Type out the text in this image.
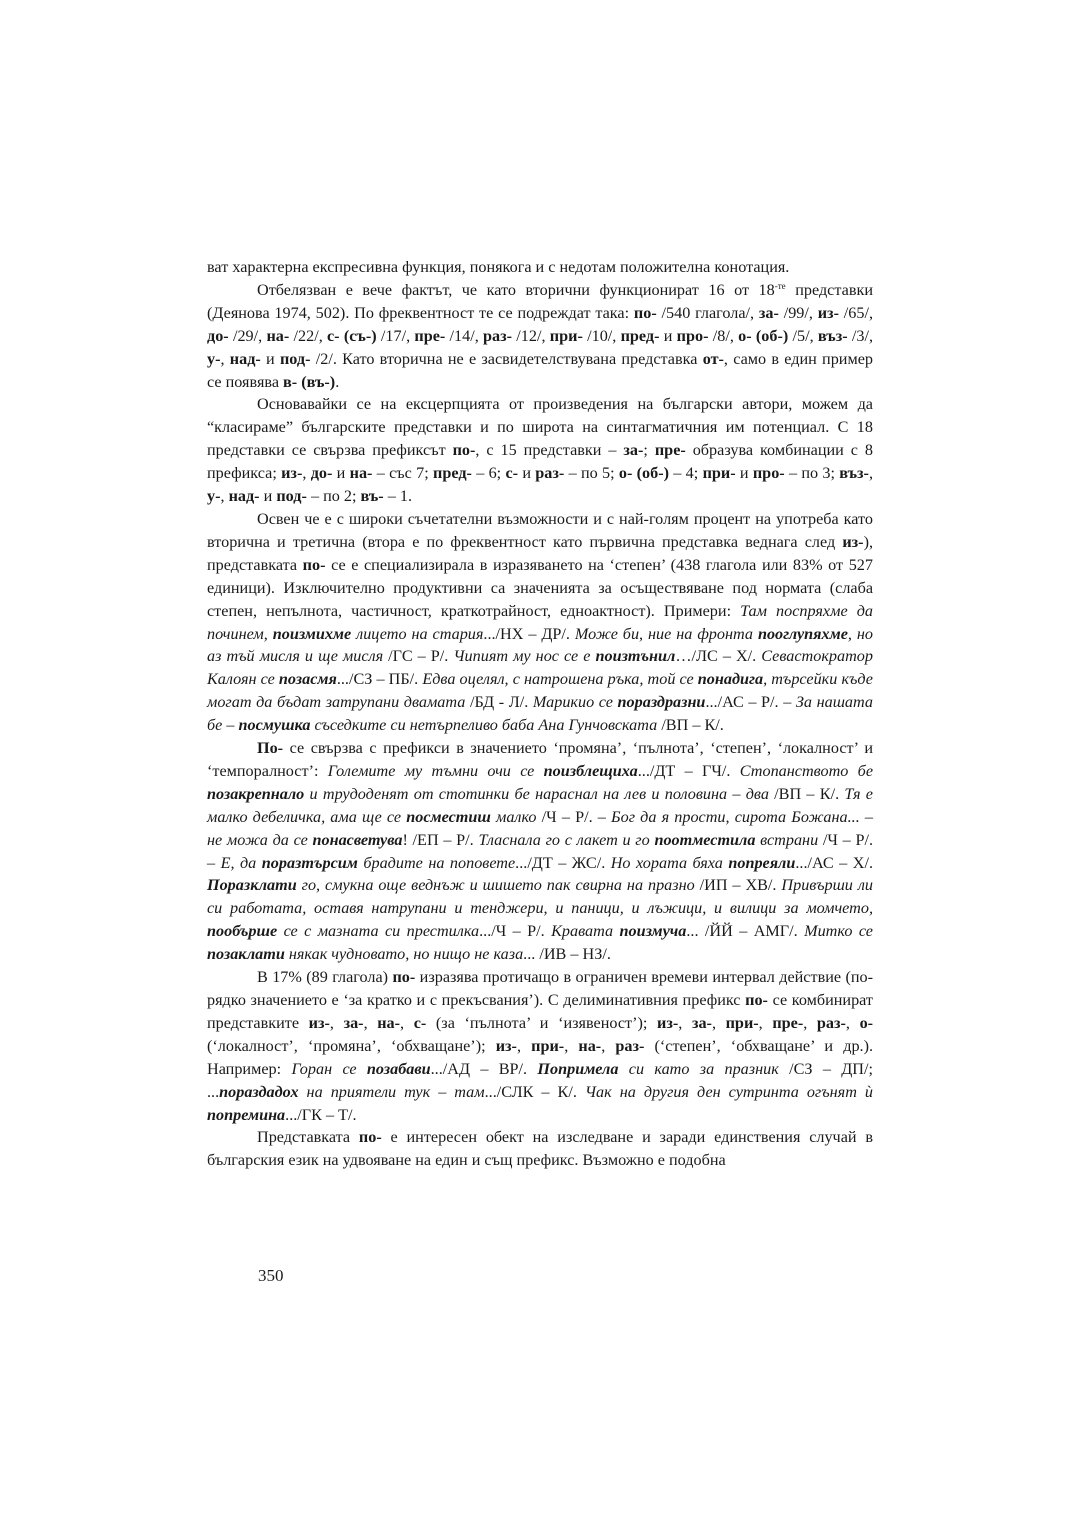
ват характерна експресивна функция, понякога и с недотам положителна конотация.

Отбелязван е вече фактът, че като вторични функционират 16 от $18^{-те}$ представки (Деянова 1974, 502). По фреквентност те се подреждат така: по- /540 глагола/, за- /99/, из- /65/, до- /29/, на- /22/, с- (съ-) /17/, пре- /14/, раз- /12/, при- /10/, пред- и про- /8/, о- (об-) /5/, въз- /3/, у-, над- и под- /2/. Като вторична не е засвидетелствувана представка от-, само в един пример се появява в- (въ-).

Основавайки се на ексцерпцията от произведения на български автори, можем да “класираме” българските представки и по широта на синтагматичния им потенциал. С 18 представки се свързва префиксът по-, с 15 представки – за-; пре- образува комбинации с 8 префикса; из-, до- и на- – със 7; пред- – 6; с- и раз- – по 5; о- (об-) – 4; при- и про- – по 3; въз-, у-, над- и под- – по 2; въ- – 1.

Освен че е с широки съчетателни възможности и с най-голям процент на употреба като вторична и третична (втора е по фреквентност като първична представка веднага след из-), представката по- се е специализирала в изразяването на ‘степен’ (438 глагола или 83% от 527 единици). Изключително продуктивни са значенията за осъществяване под нормата (слаба степен, непълнота, частичност, краткотрайност, едноактност). Примери: Там поспряхме да починем, поизмихме лицето на стария.../НХ – ДР/. Може би, ние на фронта пооглупяхме, но аз тъй мисля и ще мисля /ГС – Р/. Чипият му нос се е поизтънил…/ЛС – Х/. Севастократор Калоян се позасмя.../СЗ – ПБ/. Едва оцелял, с натрошена ръка, той се понадига, търсейки къде могат да бъдат затрупани двамата /БД - Л/. Марикио се пораздразни.../АС – Р/. – За нашата бе – посмушка съседките си нетърпеливо баба Ана Гунчовската /ВП – К/.

По- се свързва с префикси в значението ‘промяна’, ‘пълнота’, ‘степен’, ‘локалност’ и ‘темпоралност’: Големите му тъмни очи се поизблещиха.../ДТ – ГЧ/. Стопанството бе позакрепнало и трудоденят от стотинки бе нараснал на лев и половина – два /ВП – К/. Тя е малко дебеличка, ама ще се посместиш малко /Ч – Р/. – Бог да я прости, сирота Божана... – не можа да се понасветува! /ЕП – Р/. Тласнала го с лакет и го поотместила встрани /Ч – Р/. – Е, да поразтърсим брадите на поповете.../ДТ – ЖС/. Но хората бяха попреяли.../АС – Х/. Поразклати го, смукна още веднъж и шишето пак свирна на празно /ИП – ХВ/. Привърши ли си работата, оставя натрупани и тенджери, и паници, и лъжици, и вилици за момчето, пообърше се с мазната си престилка.../Ч – Р/. Кравата поизмуча... /ЙЙ – АМГ/. Митко се позаклати някак чудновато, но нищо не каза... /ИВ – НЗ/.

В 17% (89 глагола) по- изразява протичащо в ограничен времеви интервал действие (по-рядко значението е ‘за кратко и с прекъсвания’). С делиминативния префикс по- се комбинират представките из-, за-, на-, с- (за ‘пълнота’ и ‘изявеност’); из-, за-, при-, пре-, раз-, о- (‘локалност’, ‘промяна’, ‘обхващане’); из-, при-, на-, раз- (‘степен’, ‘обхващане’ и др.). Например: Горан се позабави.../АД – ВР/. Попримела си като за празник /СЗ – ДП/; ...пораздадох на приятели тук – там.../СЛК – К/. Чак на другия ден сутринта огънят ѝ попремина.../ГК – Т/.

Представката по- е интересен обект на изследване и заради единствения случай в българския език на удвояване на един и същ префикс. Възможно е подобна

350
